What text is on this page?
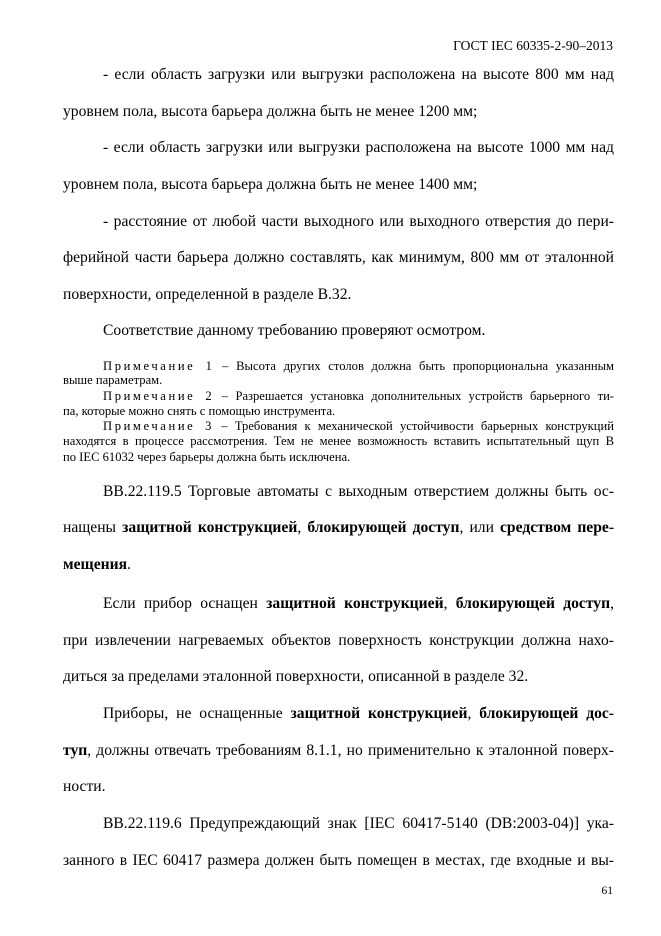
ГОСТ IEC 60335-2-90–2013
- если область загрузки или выгрузки расположена на высоте 800 мм над
уровнем пола, высота барьера должна быть не менее 1200 мм;
- если область загрузки или выгрузки расположена на высоте 1000 мм над
уровнем пола, высота барьера должна быть не менее 1400 мм;
- расстояние от любой части выходного или выходного отверстия до пери-
ферийной части барьера должно составлять, как минимум, 800 мм от эталонной
поверхности, определенной в разделе В.32.
Соответствие данному требованию проверяют осмотром.
Примечание 1 – Высота других столов должна быть пропорциональна указанным
выше параметрам.
Примечание 2 – Разрешается установка дополнительных устройств барьерного ти-
па, которые можно снять с помощью инструмента.
Примечание 3 – Требования к механической устойчивости барьерных конструкций
находятся в процессе рассмотрения. Тем не менее возможность вставить испытательный щуп В
по IEC 61032 через барьеры должна быть исключена.
ВВ.22.119.5 Торговые автоматы с выходным отверстием должны быть ос-
нащены защитной конструкцией, блокирующей доступ, или средством пере-
мещения.
Если прибор оснащен защитной конструкцией, блокирующей доступ,
при извлечении нагреваемых объектов поверхность конструкции должна нахо-
диться за пределами эталонной поверхности, описанной в разделе 32.
Приборы, не оснащенные защитной конструкцией, блокирующей дос-
туп, должны отвечать требованиям 8.1.1, но применительно к эталонной поверх-
ности.
ВВ.22.119.6 Предупреждающий знак [IEC 60417-5140 (DB:2003-04)] ука-
занного в IEC 60417 размера должен быть помещен в местах, где входные и вы-
61
